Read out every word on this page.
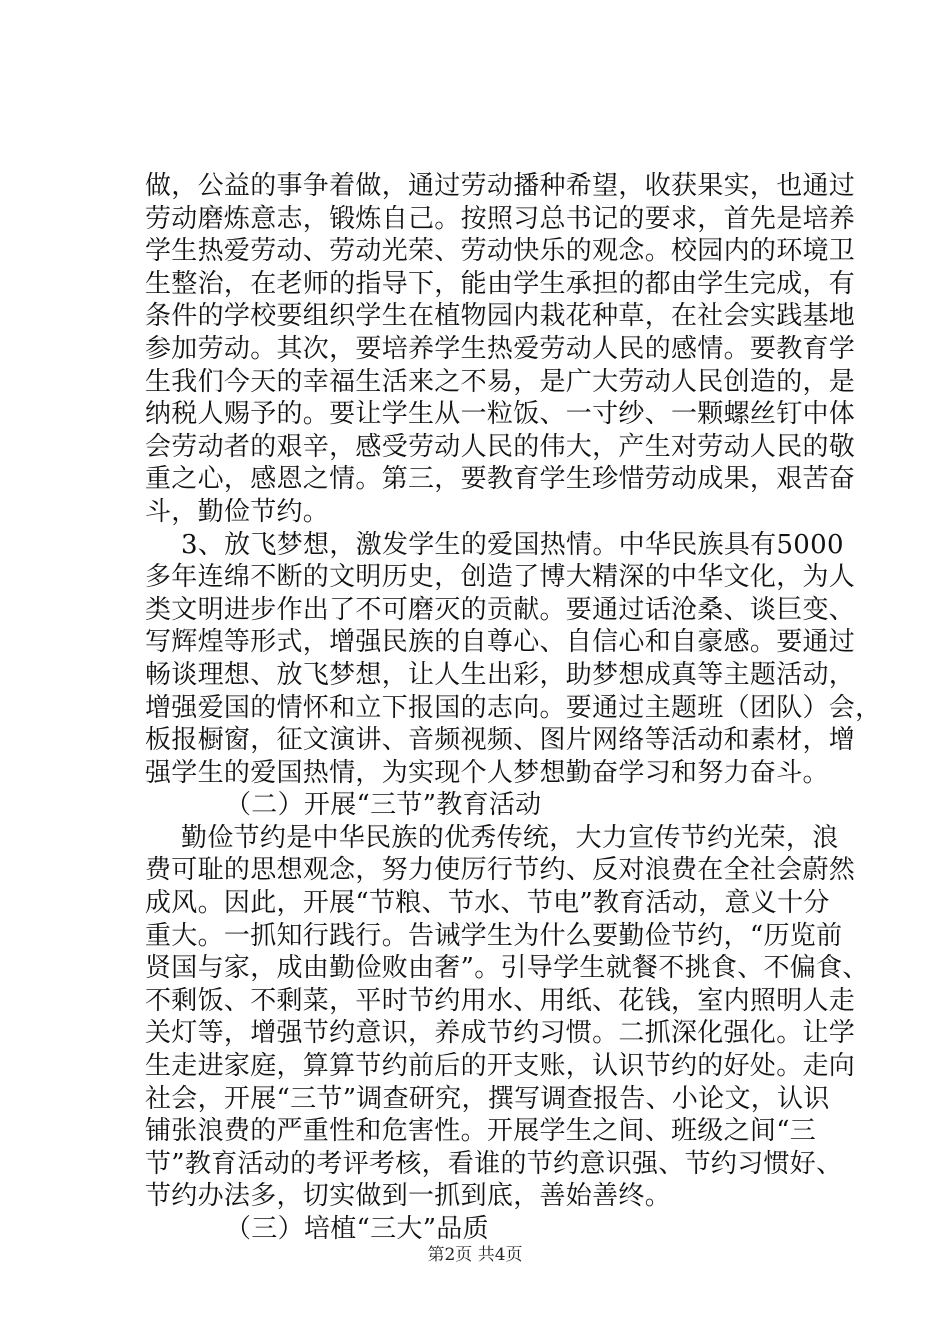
做，公益的事争着做，通过劳动播种希望，收获果实，也通过
劳动磨炼意志，锻炼自己。按照习总书记的要求，首先是培养
学生热爱劳动、劳动光荣、劳动快乐的观念。校园内的环境卫
生整治，在老师的指导下，能由学生承担的都由学生完成，有
条件的学校要组织学生在植物园内栽花种草，在社会实践基地
参加劳动。其次，要培养学生热爱劳动人民的感情。要教育学
生我们今天的幸福生活来之不易，是广大劳动人民创造的，是
纳税人赐予的。要让学生从一粒饭、一寸纱、一颗螺丝钉中体
会劳动者的艰辛，感受劳动人民的伟大，产生对劳动人民的敬
重之心，感恩之情。第三，要教育学生珍惜劳动成果，艰苦奋
斗，勤俭节约。
3、放飞梦想，激发学生的爱国热情。中华民族具有5000
多年连绵不断的文明历史，创造了博大精深的中华文化，为人
类文明进步作出了不可磨灭的贡献。要通过话沧桑、谈巨变、
写辉煌等形式，增强民族的自尊心、自信心和自豪感。要通过
畅谈理想、放飞梦想，让人生出彩，助梦想成真等主题活动，
增强爱国的情怀和立下报国的志向。要通过主题班（团队）会，
板报橱窗，征文演讲、音频视频、图片网络等活动和素材，增
强学生的爱国热情，为实现个人梦想勤奋学习和努力奋斗。
（二）开展“三节”教育活动
勤俭节约是中华民族的优秀传统，大力宣传节约光荣，浪
费可耻的思想观念，努力使厉行节约、反对浪费在全社会蔚然
成风。因此，开展“节粮、节水、节电”教育活动，意义十分
重大。一抓知行践行。告诫学生为什么要勤俭节约，“历览前
贤国与家，成由勤俭败由奢”。引导学生就餐不挑食、不偏食、
不剩饭、不剩菜，平时节约用水、用纸、花钱，室内照明人走
关灯等，增强节约意识，养成节约习惯。二抓深化强化。让学
生走进家庭，算算节约前后的开支账，认识节约的好处。走向
社会，开展“三节”调查研究，撰写调查报告、小论文，认识
铺张浪费的严重性和危害性。开展学生之间、班级之间“三
节”教育活动的考评考核，看谁的节约意识强、节约习惯好、
节约办法多，切实做到一抓到底，善始善终。
（三）培植“三大”品质
第2页 共4页
